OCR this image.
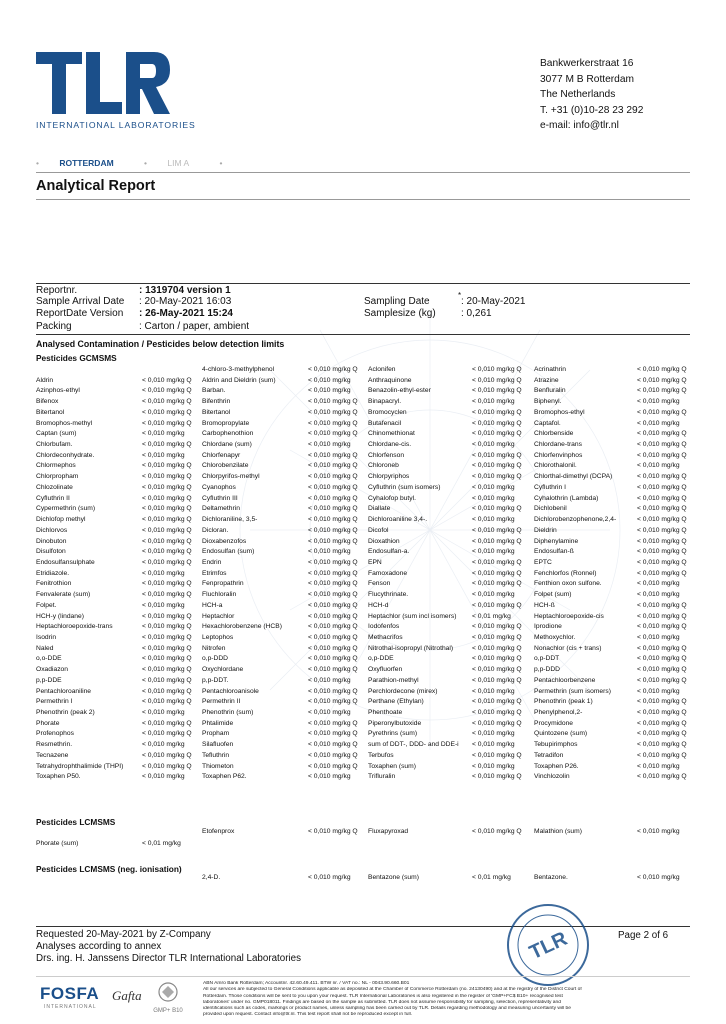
INTERNATIONAL LABORATORIES
Bankwerkerstraat 16
3077 M B Rotterdam
The Netherlands
T. +31 (0)10-28 23 292
e-mail: info@tlr.nl
• ROTTERDAM	• LIM A	•
Analytical Report
Reportnr.	: 1319704 version 1
Sample Arrival Date : 20-May-2021 16:03
ReportDate Version : 26-May-2021 15:24
Packing	: Carton / paper, ambient
Sampling Date
*
: 20-May-2021
Samplesize (kg)	: 0,261
Analysed Contamination / Pesticides below detection limits
Pesticides GCMSMS
4-chloro-3-methylphenol	< 0,010 mg/kg Q	Aclonifen	< 0,010 mg/kg Q	Acrinathrin	< 0,010 mg/kg Q
Aldrin	< 0,010 mg/kg Q	Aldrin and Dieldrin (sum)	< 0,010 mg/kg	Anthraquinone	< 0,010 mg/kg Q	Atrazine	< 0,010 mg/kg Q
Azinphos-ethyl	< 0,010 mg/kg Q	Barban.	< 0,010 mg/kg	Benazolin-ethyl-ester	< 0,010 mg/kg Q	Benfluralin	< 0,010 mg/kg Q
Bifenox	< 0,010 mg/kg Q	Bifenthrin	< 0,010 mg/kg Q	Binapacryl.	< 0,010 mg/kg	Biphenyl.	< 0,010 mg/kg
Bitertanol	< 0,010 mg/kg Q	Bitertanol	< 0,010 mg/kg Q	Bromocyclen	< 0,010 mg/kg Q	Bromophos-ethyl	< 0,010 mg/kg Q
Bromophos-methyl	< 0,010 mg/kg Q	Bromopropylate	< 0,010 mg/kg Q	Butafenacil	< 0,010 mg/kg Q	Captafol.	< 0,010 mg/kg
Captan (sum)	< 0,010 mg/kg	Carbophenothion	< 0,010 mg/kg Q	Chinomethionat	< 0,010 mg/kg Q	Chlorbenside	< 0,010 mg/kg Q
Chlorbufam.	< 0,010 mg/kg Q	Chlordane (sum)	< 0,010 mg/kg	Chlordane-cis.	< 0,010 mg/kg	Chlordane-trans	< 0,010 mg/kg Q
Chlordeconhydrate.	< 0,010 mg/kg	Chlorfenapyr	< 0,010 mg/kg Q	Chlorfenson	< 0,010 mg/kg Q	Chlorfenvinphos	< 0,010 mg/kg Q
Chlormephos	< 0,010 mg/kg Q	Chlorobenzilate	< 0,010 mg/kg Q	Chloroneb	< 0,010 mg/kg Q	Chlorothalonil.	< 0,010 mg/kg
Chlorpropham	< 0,010 mg/kg Q	Chlorpyrifos-methyl	< 0,010 mg/kg Q	Chlorpyriphos	< 0,010 mg/kg Q	Chlorthal-dimethyl (DCPA)	< 0,010 mg/kg Q
Chlozolinate	< 0,010 mg/kg Q	Cyanophos	< 0,010 mg/kg Q	Cyfluthrin (sum isomers)	< 0,010 mg/kg	Cyfluthrin I	< 0,010 mg/kg Q
Cyfluthrin II	< 0,010 mg/kg Q	Cyfluthrin III	< 0,010 mg/kg Q	Cyhalofop butyl.	< 0,010 mg/kg	Cyhalothrin (Lambda)	< 0,010 mg/kg Q
Cypermethrin (sum)	< 0,010 mg/kg Q	Deltamethrin	< 0,010 mg/kg Q	Diallate	< 0,010 mg/kg Q	Dichlobenil	< 0,010 mg/kg Q
Dichlofop methyl	< 0,010 mg/kg Q	Dichloraniline, 3,5-	< 0,010 mg/kg Q	Dichloroaniline 3,4-.	< 0,010 mg/kg	Dichlorobenzophenone,2,4-	< 0,010 mg/kg Q
Dichlorvos	< 0,010 mg/kg Q	Dicloran.	< 0,010 mg/kg Q	Dicofol	< 0,010 mg/kg Q	Dieldrin	< 0,010 mg/kg Q
Dinobuton	< 0,010 mg/kg Q	Dioxabenzofos	< 0,010 mg/kg Q	Dioxathion	< 0,010 mg/kg Q	Diphenylamine	< 0,010 mg/kg Q
Disulfoton	< 0,010 mg/kg Q	Endosulfan (sum)	< 0,010 mg/kg	Endosulfan-a.	< 0,010 mg/kg	Endosulfan-ß	< 0,010 mg/kg Q
Endosulfansulphate	< 0,010 mg/kg Q	Endrin	< 0,010 mg/kg Q	EPN	< 0,010 mg/kg Q	EPTC	< 0,010 mg/kg Q
Etridiazole.	< 0,010 mg/kg	Etrimfos	< 0,010 mg/kg Q	Famoxadone	< 0,010 mg/kg Q	Fenchlorfos (Ronnel)	< 0,010 mg/kg Q
Fenitrothion	< 0,010 mg/kg Q	Fenpropathrin	< 0,010 mg/kg Q	Fenson	< 0,010 mg/kg Q	Fenthion oxon sulfone.	< 0,010 mg/kg
Fenvalerate (sum)	< 0,010 mg/kg Q	Fluchloralin	< 0,010 mg/kg Q	Flucythrinate.	< 0,010 mg/kg	Folpet (sum)	< 0,010 mg/kg
Folpet.	< 0,010 mg/kg	HCH-a	< 0,010 mg/kg Q	HCH-d	< 0,010 mg/kg Q	HCH-ß	< 0,010 mg/kg Q
HCH-y (lindane)	< 0,010 mg/kg Q	Heptachlor	< 0,010 mg/kg Q	Heptachlor (sum incl isomers)	< 0,01 mg/kg	Heptachloroepoxide-cis	< 0,010 mg/kg Q
Heptachloroepoxide-trans	< 0,010 mg/kg Q	Hexachlorobenzene (HCB)	< 0,010 mg/kg Q	Iodofenfos	< 0,010 mg/kg Q	Iprodione	< 0,010 mg/kg Q
Isodrin	< 0,010 mg/kg Q	Leptophos	< 0,010 mg/kg Q	Methacrifos	< 0,010 mg/kg Q	Methoxychlor.	< 0,010 mg/kg
Naled	< 0,010 mg/kg Q	Nitrofen	< 0,010 mg/kg Q	Nitrothal-isopropyl (Nitrothal)	< 0,010 mg/kg Q	Nonachlor (cis + trans)	< 0,010 mg/kg Q
o,o-DDE	< 0,010 mg/kg Q	o,p-DDD	< 0,010 mg/kg Q	o,p-DDE	< 0,010 mg/kg Q	o,p-DDT	< 0,010 mg/kg Q
Oxadiazon	< 0,010 mg/kg Q	Oxychlordane	< 0,010 mg/kg Q	Oxyfluorfen	< 0,010 mg/kg Q	p,p-DDD	< 0,010 mg/kg Q
p,p-DDE	< 0,010 mg/kg Q	p,p-DDT.	< 0,010 mg/kg	Parathion-methyl	< 0,010 mg/kg Q	Pentachloorbenzene	< 0,010 mg/kg Q
Pentachloroaniline	< 0,010 mg/kg Q	Pentachloroanisole	< 0,010 mg/kg Q	Perchlordecone (mirex)	< 0,010 mg/kg	Permethrin (sum isomers)	< 0,010 mg/kg
Permethrin I	< 0,010 mg/kg Q	Permethrin II	< 0,010 mg/kg Q	Perthane (Ethylan)	< 0,010 mg/kg Q	Phenothrin (peak 1)	< 0,010 mg/kg Q
Phenothrin (peak 2)	< 0,010 mg/kg	Phenothrin (sum)	< 0,010 mg/kg	Phenthoate	< 0,010 mg/kg Q	Phenylphenol,2-	< 0,010 mg/kg Q
Phorate	< 0,010 mg/kg Q	Phtalimide	< 0,010 mg/kg Q	Piperonylbutoxide	< 0,010 mg/kg Q	Procymidone	< 0,010 mg/kg Q
Profenophos	< 0,010 mg/kg Q	Propham	< 0,010 mg/kg Q	Pyrethrins (sum)	< 0,010 mg/kg	Quintozene (sum)	< 0,010 mg/kg Q
Resmethrin.	< 0,010 mg/kg	Silafluofen	< 0,010 mg/kg Q	sum of DDT-, DDD- and DDE-i	< 0,010 mg/kg	Tebupirimphos	< 0,010 mg/kg Q
Tecnazene	< 0,010 mg/kg Q	Tefluthrin	< 0,010 mg/kg Q	Terbufos	< 0,010 mg/kg Q	Tetradifon	< 0,010 mg/kg Q
Tetrahydrophthalimide (THPI)	< 0,010 mg/kg Q	Thiometon	< 0,010 mg/kg Q	Toxaphen (sum)	< 0,010 mg/kg	Toxaphen P26.	< 0,010 mg/kg
Toxaphen P50.	< 0,010 mg/kg	Toxaphen P62.	< 0,010 mg/kg	Trifluralin	< 0,010 mg/kg Q	Vinchlozolin	< 0,010 mg/kg Q
Pesticides LCMSMS
Etofenprox	< 0,010 mg/kg Q Fluxapyroxad	< 0,010 mg/kg Q Malathion (sum)	< 0,010 mg/kg
Phorate (sum)	< 0,01 mg/kg
Pesticides LCMSMS (neg. ionisation)
2,4-D.	< 0,010 mg/kg	Bentazone (sum)	< 0,01 mg/kg	Bentazone.	< 0,010 mg/kg
Requested 20-May-2021 by Z-Company
Analyses according to annex
Drs. ing. H. Janssens Director TLR International Laboratories
Page 2 of 6
TLR
FOSFA
INTERNATIONAL
Gafta
GMP+ B10
ABN Amro Bank Rotterdam; Accountnr. 42.60.49.411. BTW nr. / VAT no.: NL - 0043.90.660.B01
All our services are subjected to General Conditions applicable as deposited at the Chamber of Commerce Rotterdam (no. 24130490) and at the registry of the District Court of
Rotterdam. Those conditions will be sent to you upon your request. TLR International Laboratories is also registered in the register of 'GMP+FC$ B10+ recognised test
laboratories' under no. GMP018011. Findings are based on the sample as submitted. TLR does not assume responsibility for sampling, selection, representativity and
identifications such as codes, markings or product names, unless sampling has been carried out by TLR. Details regarding methodology and measuring uncertainty will be
provided upon request. Contact info@tlr.nl. This test report shall not be reproduced except in full.
